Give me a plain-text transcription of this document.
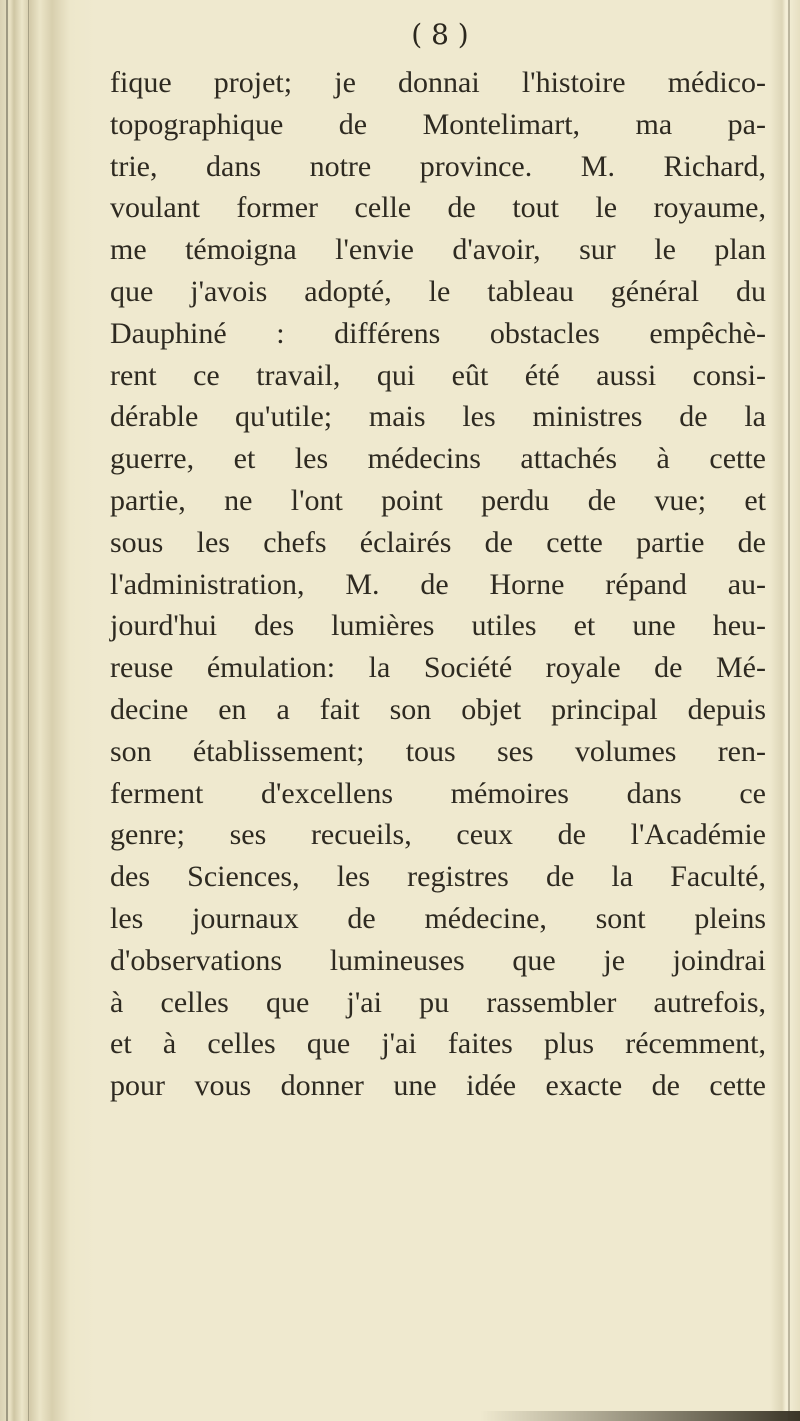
( 8 )
fique projet; je donnai l'histoire médico-
topographique de Montelimart, ma pa-
trie, dans notre province. M. Richard,
voulant former celle de tout le royaume,
me témoigna l'envie d'avoir, sur le plan
que j'avois adopté, le tableau général du
Dauphiné : différens obstacles empêchè-
rent ce travail, qui eût été aussi consi-
dérable qu'utile; mais les ministres de la
guerre, et les médecins attachés à cette
partie, ne l'ont point perdu de vue; et
sous les chefs éclairés de cette partie de
l'administration, M. de Horne répand au-
jourd'hui des lumières utiles et une heu-
reuse émulation: la Société royale de Mé-
decine en a fait son objet principal depuis
son établissement; tous ses volumes ren-
ferment d'excellens mémoires dans ce
genre; ses recueils, ceux de l'Académie
des Sciences, les registres de la Faculté,
les journaux de médecine, sont pleins
d'observations lumineuses que je joindrai
à celles que j'ai pu rassembler autrefois,
et à celles que j'ai faites plus récemment,
pour vous donner une idée exacte de cette
